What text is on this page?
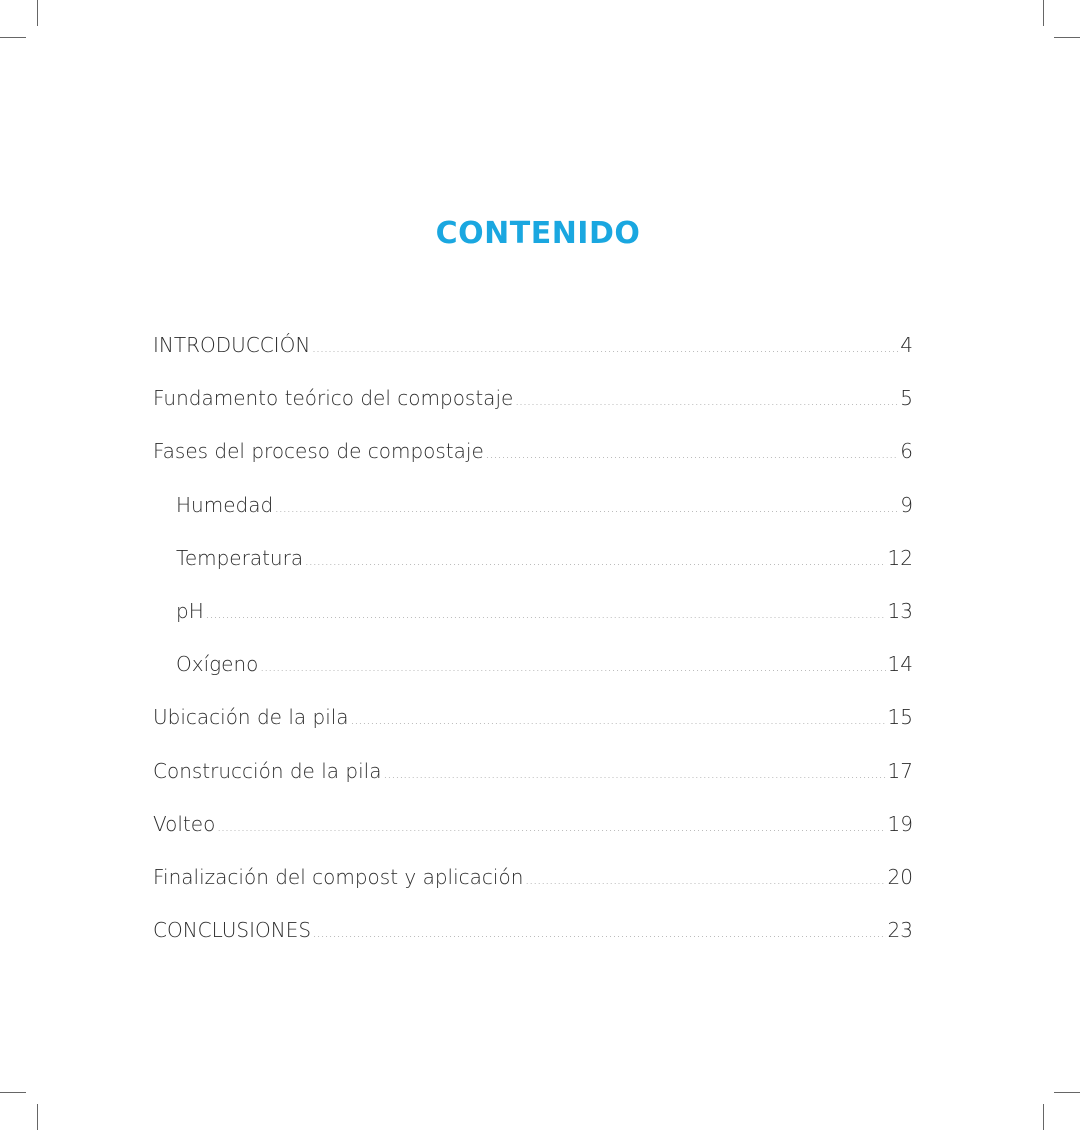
CONTENIDO
INTRODUCCIÓN .....	4
Fundamento teórico del compostaje .....	5
Fases del proceso de compostaje .....	6
Humedad .....	9
Temperatura .....	12
pH .....	13
Oxígeno .....	14
Ubicación de la pila .....	15
Construcción de la pila .....	17
Volteo .....	19
Finalización del compost y aplicación .....	20
CONCLUSIONES .....	23
